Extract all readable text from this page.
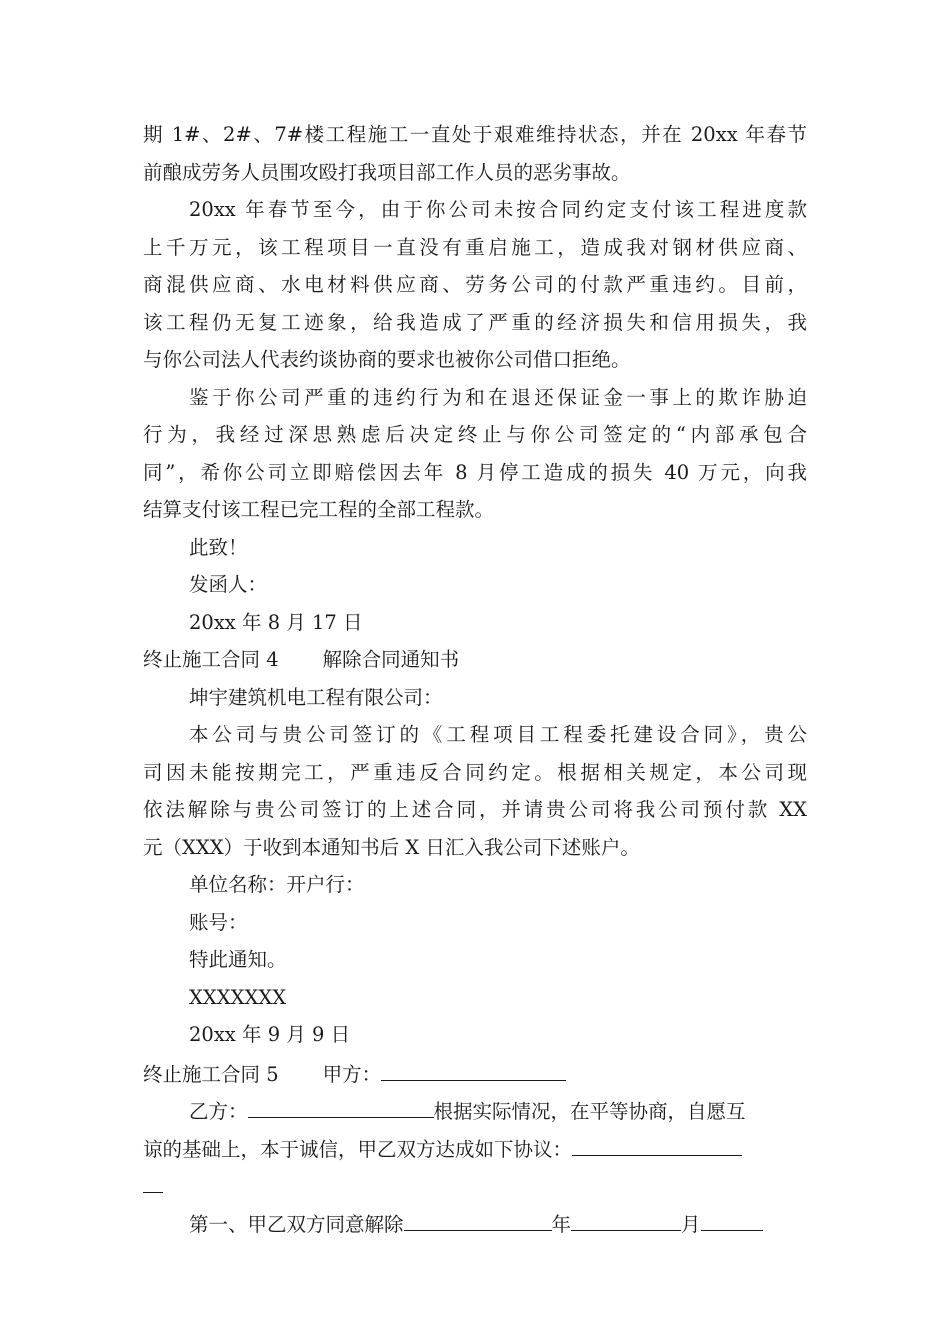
期 1#、2#、7#楼工程施工一直处于艰难维持状态，并在 20xx 年春节
前酿成劳务人员围攻殴打我项目部工作人员的恶劣事故。
20xx 年春节至今，由于你公司未按合同约定支付该工程进度款
上千万元，该工程项目一直没有重启施工，造成我对钢材供应商、
商混供应商、水电材料供应商、劳务公司的付款严重违约。目前，
该工程仍无复工迹象，给我造成了严重的经济损失和信用损失，我
与你公司法人代表约谈协商的要求也被你公司借口拒绝。
鉴于你公司严重的违约行为和在退还保证金一事上的欺诈胁迫
行为，我经过深思熟虑后决定终止与你公司签定的“内部承包合
同”，希你公司立即赔偿因去年 8 月停工造成的损失 40 万元，向我
结算支付该工程已完工程的全部工程款。
此致！
发函人：
20xx 年 8 月 17 日
终止施工合同 4 解除合同通知书
坤宇建筑机电工程有限公司：
本公司与贵公司签订的《工程项目工程委托建设合同》，贵公
司因未能按期完工，严重违反合同约定。根据相关规定，本公司现
依法解除与贵公司签订的上述合同，并请贵公司将我公司预付款 XX
元（XXX）于收到本通知书后 X 日汇入我公司下述账户。
单位名称：开户行：
账号：
特此通知。
XXXXXXX
20xx 年 9 月 9 日
终止施工合同 5 甲方：
乙方：	根据实际情况，在平等协商，自愿互
谅的基础上，本于诚信，甲乙双方达成如下协议：
第一、甲乙双方同意解除	年	月
